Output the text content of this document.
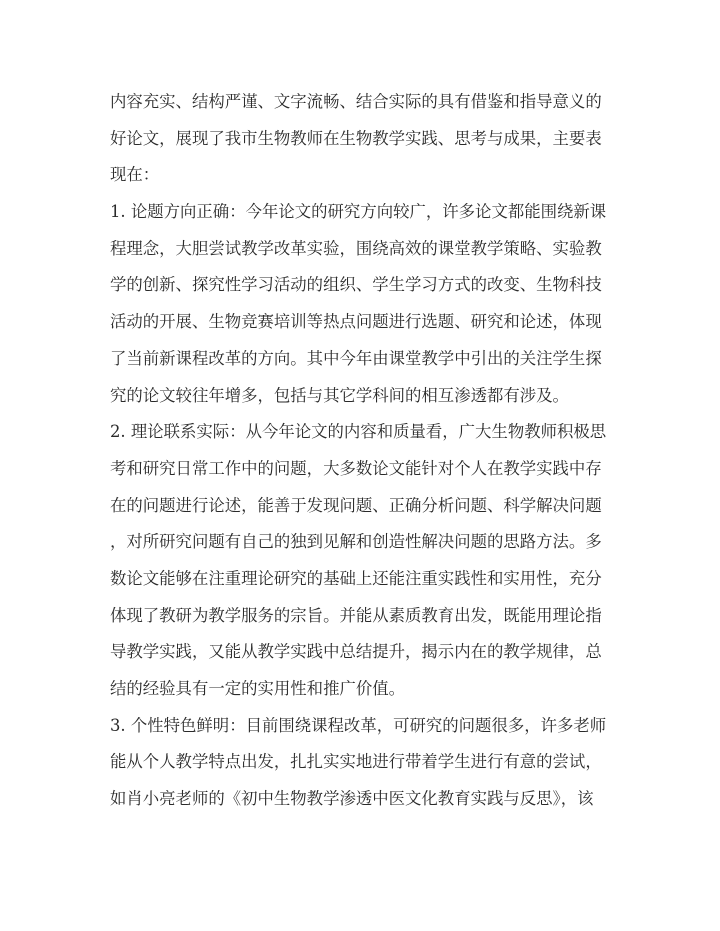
内容充实、结构严谨、文字流畅、结合实际的具有借鉴和指导意义的
好论文，展现了我市生物教师在生物教学实践、思考与成果，主要表
现在：
1. 论题方向正确：今年论文的研究方向较广，许多论文都能围绕新课
程理念，大胆尝试教学改革实验，围绕高效的课堂教学策略、实验教
学的创新、探究性学习活动的组织、学生学习方式的改变、生物科技
活动的开展、生物竞赛培训等热点问题进行选题、研究和论述，体现
了当前新课程改革的方向。其中今年由课堂教学中引出的关注学生探
究的论文较往年增多，包括与其它学科间的相互渗透都有涉及。
2. 理论联系实际：从今年论文的内容和质量看，广大生物教师积极思
考和研究日常工作中的问题，大多数论文能针对个人在教学实践中存
在的问题进行论述，能善于发现问题、正确分析问题、科学解决问题
，对所研究问题有自己的独到见解和创造性解决问题的思路方法。多
数论文能够在注重理论研究的基础上还能注重实践性和实用性，充分
体现了教研为教学服务的宗旨。并能从素质教育出发，既能用理论指
导教学实践，又能从教学实践中总结提升，揭示内在的教学规律，总
结的经验具有一定的实用性和推广价值。
3. 个性特色鲜明：目前围绕课程改革，可研究的问题很多，许多老师
能从个人教学特点出发，扎扎实实地进行带着学生进行有意的尝试，
如肖小亮老师的《初中生物教学渗透中医文化教育实践与反思》，该
